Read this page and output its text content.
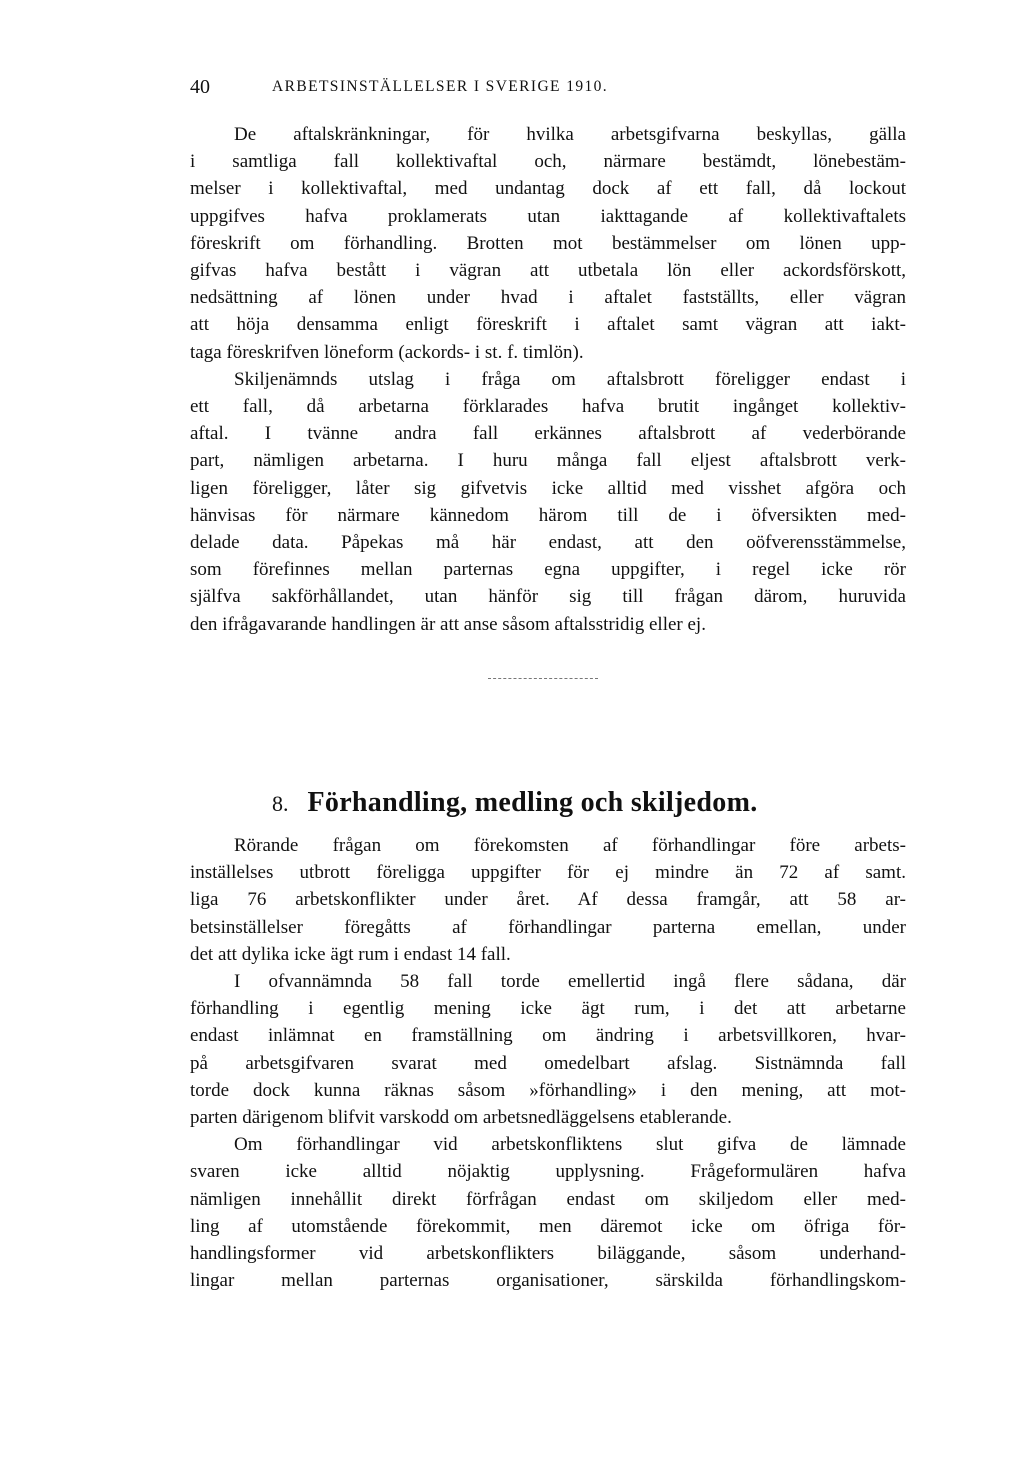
40	ARBETSINSTÄLLELSER I SVERIGE 1910.
De aftalskränkningar, för hvilka arbetsgifvarna beskyllas, gälla
i samtliga fall kollektivaftal och, närmare bestämdt, lönebestäm-
melser i kollektivaftal, med undantag dock af ett fall, då lockout
uppgifves hafva proklamerats utan iakttagande af kollektivaftalets
föreskrift om förhandling. Brotten mot bestämmelser om lönen upp-
gifvas hafva bestått i vägran att utbetala lön eller ackordsförskott,
nedsättning af lönen under hvad i aftalet fastställts, eller vägran
att höja densamma enligt föreskrift i aftalet samt vägran att iakt-
taga föreskrifven löneform (ackords- i st. f. timlön).
Skiljenämnds utslag i fråga om aftalsbrott föreligger endast i
ett fall, då arbetarna förklarades hafva brutit ingånget kollektiv-
aftal. I tvänne andra fall erkännes aftalsbrott af vederbörande
part, nämligen arbetarna. I huru många fall eljest aftalsbrott verk-
ligen föreligger, låter sig gifvetvis icke alltid med visshet afgöra och
hänvisas för närmare kännedom härom till de i öfversikten med-
delade data. Påpekas må här endast, att den oöfverensstämmelse,
som förefinnes mellan parternas egna uppgifter, i regel icke rör
själfva sakförhållandet, utan hänför sig till frågan därom, huruvida
den ifrågavarande handlingen är att anse såsom aftalsstridig eller ej.
8. Förhandling, medling och skiljedom.
Rörande frågan om förekomsten af förhandlingar före arbets-
inställelses utbrott föreligga uppgifter för ej mindre än 72 af samt.
liga 76 arbetskonflikter under året. Af dessa framgår, att 58 ar-
betsinställelser föregåtts af förhandlingar parterna emellan, under
det att dylika icke ägt rum i endast 14 fall.
I ofvannämnda 58 fall torde emellertid ingå flere sådana, där
förhandling i egentlig mening icke ägt rum, i det att arbetarne
endast inlämnat en framställning om ändring i arbetsvillkoren, hvar-
på arbetsgifvaren svarat med omedelbart afslag. Sistnämnda fall
torde dock kunna räknas såsom »förhandling» i den mening, att mot-
parten därigenom blifvit varskodd om arbetsnedläggelsens etablerande.
Om förhandlingar vid arbetskonfliktens slut gifva de lämnade
svaren icke alltid nöjaktig upplysning. Frågeformulären hafva
nämligen innehållit direkt förfrågan endast om skiljedom eller med-
ling af utomstående förekommit, men däremot icke om öfriga för-
handlingsformer vid arbetskonflikters biläggande, såsom underhand-
lingar mellan parternas organisationer, särskilda förhandlingskom-
